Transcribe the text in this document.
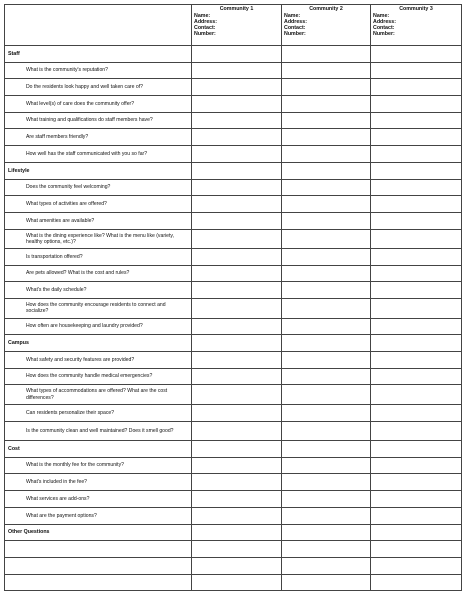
	Community 1
Name:
Address:
Contact:
Number:	Community 2
Name:
Address:
Contact:
Number:	Community 3
Name:
Address:
Contact:
Number:

Staff			
What is the community's reputation?			
Do the residents look happy and well taken care of?			
What level(s) of care does the community offer?			
What training and qualifications do staff members have?			
Are staff members friendly?			
How well has the staff communicated with you so far?			
Lifestyle			
Does the community feel welcoming?			
What types of activities are offered?			
What amenities are available?			
What is the dining experience like? What is the menu like (variety, healthy options, etc.)?			
Is transportation offered?			
Are pets allowed? What is the cost and rules?			
What's the daily schedule?			
How does the community encourage residents to connect and socialize?			
How often are housekeeping and laundry provided?			
Campus			
What safety and security features are provided?			
How does the community handle medical emergencies?			
What types of accommodations are offered? What are the cost differences?			
Can residents personalize their space?			
Is the community clean and well maintained? Does it smell good?			
Cost			
What is the monthly fee for the community?			
What's included in the fee?			
What services are add-ons?			
What are the payment options?			
Other Questions			
